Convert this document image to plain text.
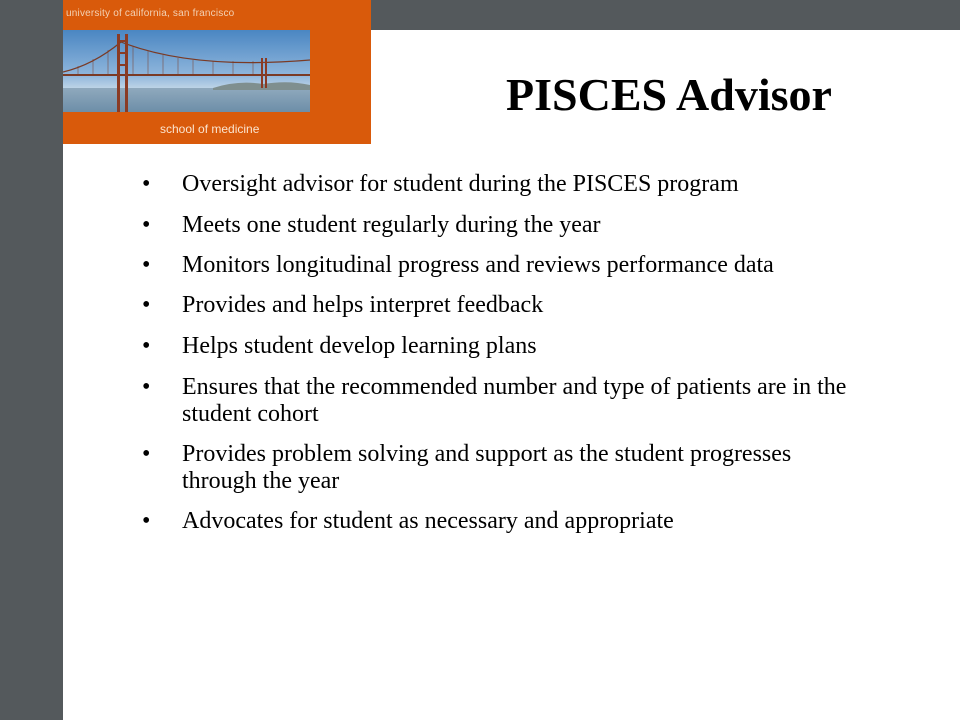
university of california, san francisco
school of medicine
PISCES Advisor
• Oversight advisor for student during the PISCES program
• Meets one student regularly during the year
• Monitors longitudinal progress and reviews performance data
• Provides and helps interpret feedback
• Helps student develop learning plans
• Ensures that the recommended number and type of patients are in the student cohort
• Provides problem solving and support as the student progresses through the year
• Advocates for student as necessary and appropriate
